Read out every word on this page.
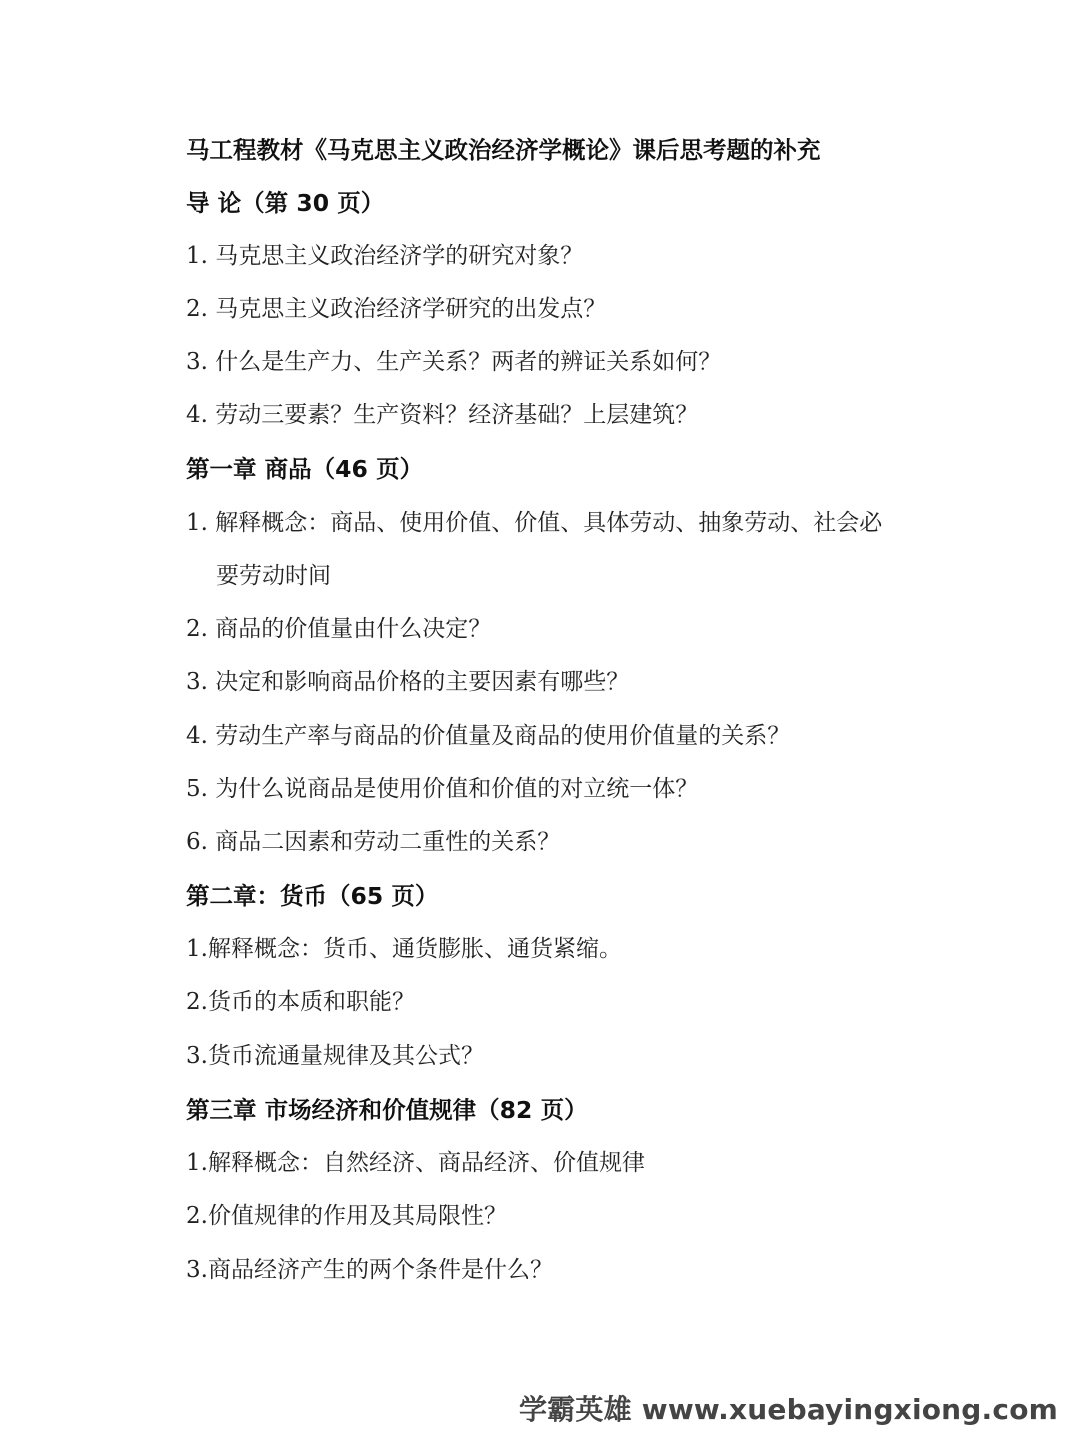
马工程教材《马克思主义政治经济学概论》课后思考题的补充
导 论（第 30 页）
1. 马克思主义政治经济学的研究对象？
2. 马克思主义政治经济学研究的出发点？
3. 什么是生产力、生产关系？两者的辨证关系如何？
4. 劳动三要素？生产资料？经济基础？上层建筑？
第一章 商品（46 页）
1. 解释概念：商品、使用价值、价值、具体劳动、抽象劳动、社会必
要劳动时间
2. 商品的价值量由什么决定？
3. 决定和影响商品价格的主要因素有哪些？
4. 劳动生产率与商品的价值量及商品的使用价值量的关系？
5. 为什么说商品是使用价值和价值的对立统一体？
6. 商品二因素和劳动二重性的关系？
第二章：货币（65 页）
1.解释概念：货币、通货膨胀、通货紧缩。
2.货币的本质和职能？
3.货币流通量规律及其公式？
第三章 市场经济和价值规律（82 页）
1.解释概念：自然经济、商品经济、价值规律
2.价值规律的作用及其局限性？
3.商品经济产生的两个条件是什么？
学霸英雄 www.xuebayingxiong.com
